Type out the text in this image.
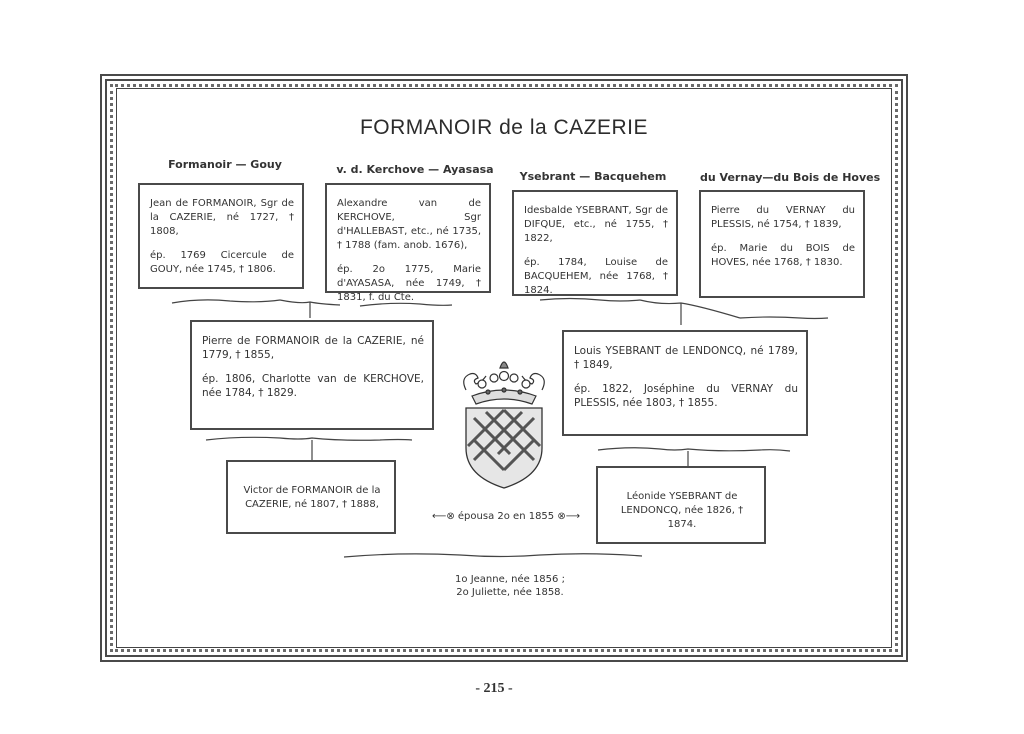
FORMANOIR de la CAZERIE
Formanoir — Gouy	v. d. Kerchove — Ayasasa
Ysebrant — Bacquehem	du Vernay—du Bois de Hoves

Jean de FORMANOIR, Sgr de la CAZERIE, né 1727, † 1808,

ép. 1769 Cicercule de GOUY, née 1745, † 1806.

Alexandre van de KERCHOVE, Sgr d'HALLEBAST, etc., né 1735, † 1788 (fam. anob. 1676),

ép. 2o 1775, Marie d'AYASASA, née 1749, † 1831, f. du Cte.

Idesbalde YSEBRANT, Sgr de DIFQUE, etc., né 1755, † 1822,

ép. 1784, Louise de BACQUEHEM, née 1768, † 1824.

Pierre du VERNAY du PLESSIS, né 1754, † 1839,

ép. Marie du BOIS de HOVES, née 1768, † 1830.

Pierre de FORMANOIR de la CAZERIE, né 1779, † 1855,

ép. 1806, Charlotte van de KERCHOVE, née 1784, † 1829.

Louis YSEBRANT de LENDONCQ, né 1789, † 1849,

ép. 1822, Joséphine du VERNAY du PLESSIS, née 1803, † 1855.

Victor de FORMANOIR de la CAZERIE, né 1807, † 1888,

Léonide YSEBRANT de LENDONCQ, née 1826, † 1874.

⟵⊗ épousa 2o en 1855 ⊗⟶
1o Jeanne, née 1856 ;
2o Juliette, née 1858.
- 215 -
